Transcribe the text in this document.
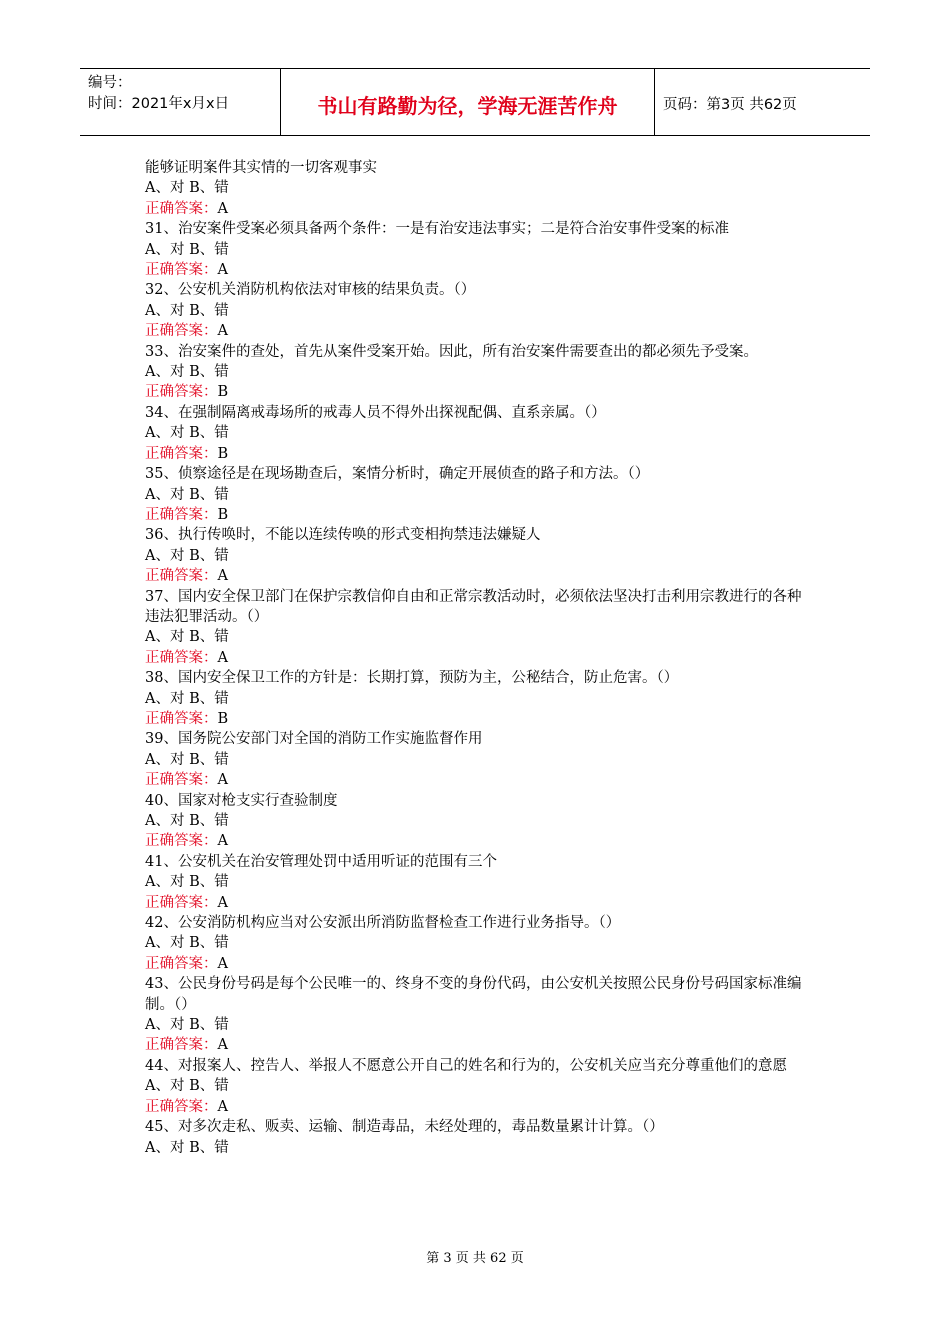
编号：
时间：2021年x月x日	书山有路勤为径，学海无涯苦作舟	页码：第3页 共62页
能够证明案件其实情的一切客观事实
A、对 B、错
正确答案：A
31、治安案件受案必须具备两个条件：一是有治安违法事实；二是符合治安事件受案的标准
A、对 B、错
正确答案：A
32、公安机关消防机构依法对审核的结果负责。（）
A、对 B、错
正确答案：A
33、治安案件的查处，首先从案件受案开始。因此，所有治安案件需要查出的都必须先予受案。
A、对 B、错
正确答案：B
34、在强制隔离戒毒场所的戒毒人员不得外出探视配偶、直系亲属。（）
A、对 B、错
正确答案：B
35、侦察途径是在现场勘查后，案情分析时，确定开展侦查的路子和方法。（）
A、对 B、错
正确答案：B
36、执行传唤时，不能以连续传唤的形式变相拘禁违法嫌疑人
A、对 B、错
正确答案：A
37、国内安全保卫部门在保护宗教信仰自由和正常宗教活动时，必须依法坚决打击利用宗教进行的各种违法犯罪活动。（）
A、对 B、错
正确答案：A
38、国内安全保卫工作的方针是：长期打算，预防为主，公秘结合，防止危害。（）
A、对 B、错
正确答案：B
39、国务院公安部门对全国的消防工作实施监督作用
A、对 B、错
正确答案：A
40、国家对枪支实行查验制度
A、对 B、错
正确答案：A
41、公安机关在治安管理处罚中适用听证的范围有三个
A、对 B、错
正确答案：A
42、公安消防机构应当对公安派出所消防监督检查工作进行业务指导。（）
A、对 B、错
正确答案：A
43、公民身份号码是每个公民唯一的、终身不变的身份代码，由公安机关按照公民身份号码国家标准编制。（）
A、对 B、错
正确答案：A
44、对报案人、控告人、举报人不愿意公开自己的姓名和行为的，公安机关应当充分尊重他们的意愿
A、对 B、错
正确答案：A
45、对多次走私、贩卖、运输、制造毒品，未经处理的，毒品数量累计计算。（）
A、对 B、错
第 3 页 共 62 页
